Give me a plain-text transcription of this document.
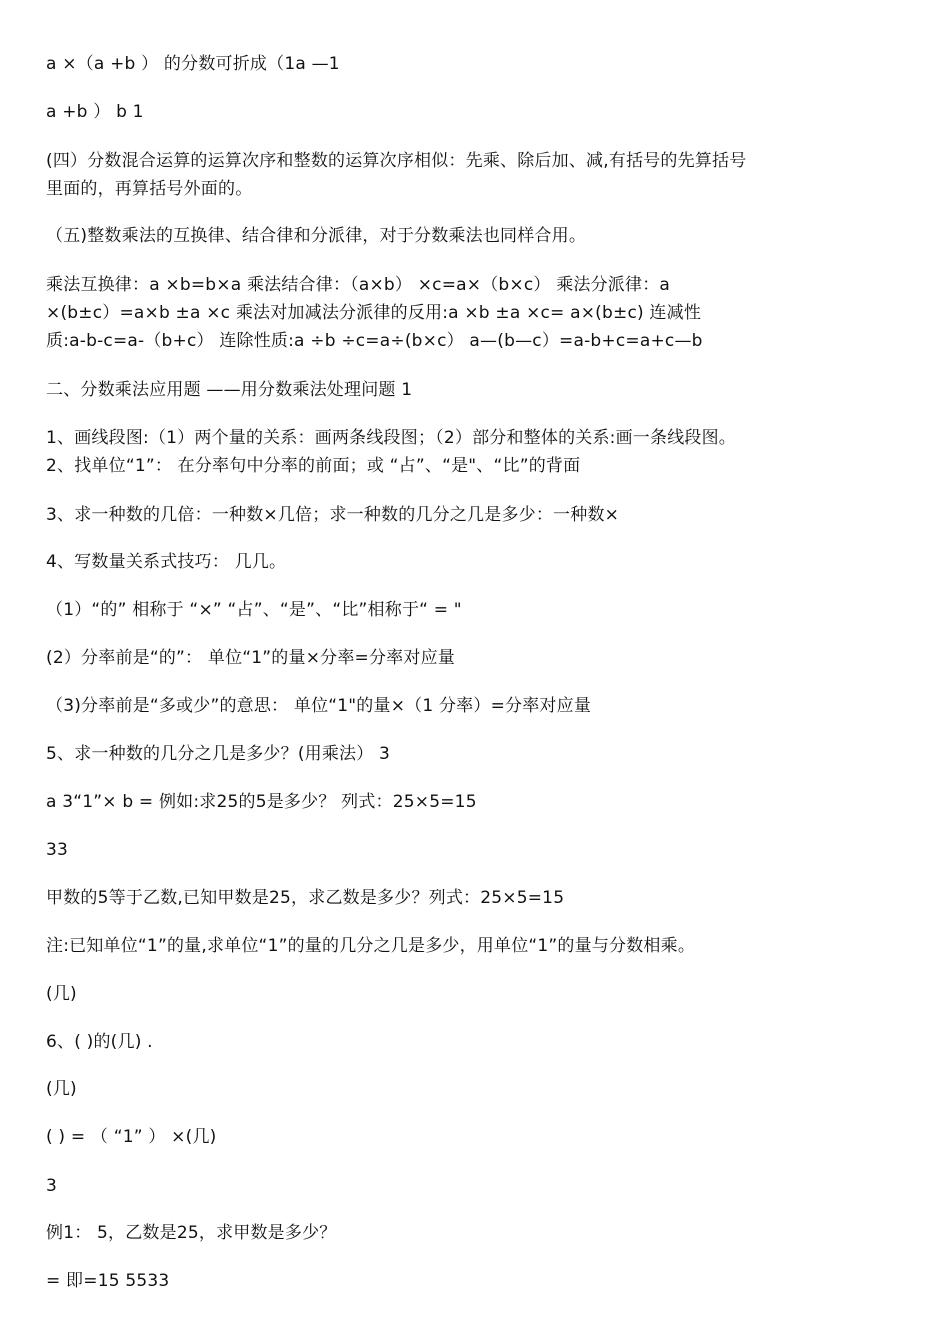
a ×（a +b ） 的分数可折成（1a —1
a +b ） b 1
(四）分数混合运算的运算次序和整数的运算次序相似：先乘、除后加、减,有括号的先算括号
里面的，再算括号外面的。
（五)整数乘法的互换律、结合律和分派律，对于分数乘法也同样合用。
乘法互换律：a ×b=b×a 乘法结合律：（a×b） ×c=a×（b×c） 乘法分派律：a
×(b±c）=a×b ±a ×c 乘法对加减法分派律的反用:a ×b ±a ×c= a×(b±c) 连减性
质:a-b-c=a-（b+c） 连除性质:a ÷b ÷c=a÷(b×c） a—(b—c）=a-b+c=a+c—b
二、分数乘法应用题 ——用分数乘法处理问题 1
1、画线段图:（1）两个量的关系：画两条线段图；（2）部分和整体的关系:画一条线段图。
2、找单位“1”： 在分率句中分率的前面；或 “占”、“是"、“比”的背面
3、求一种数的几倍：一种数×几倍；求一种数的几分之几是多少：一种数×
4、写数量关系式技巧： 几几。
（1）“的” 相称于 “×” “占”、“是”、“比”相称于“ = "
(2）分率前是“的”： 单位“1”的量×分率=分率对应量
（3)分率前是“多或少”的意思： 单位“1"的量×（1 分率）=分率对应量
5、求一种数的几分之几是多少？(用乘法） 3
a 3“1”× b = 例如:求25的5是多少？ 列式：25×5=15
33
甲数的5等于乙数,已知甲数是25，求乙数是多少？列式：25×5=15
注:已知单位“1”的量,求单位“1”的量的几分之几是多少，用单位“1”的量与分数相乘。
(几)
6、( )的(几) .
(几)
( ) = （ “1” ） ×(几)
3
例1： 5，乙数是25，求甲数是多少？
= 即=15 5533
